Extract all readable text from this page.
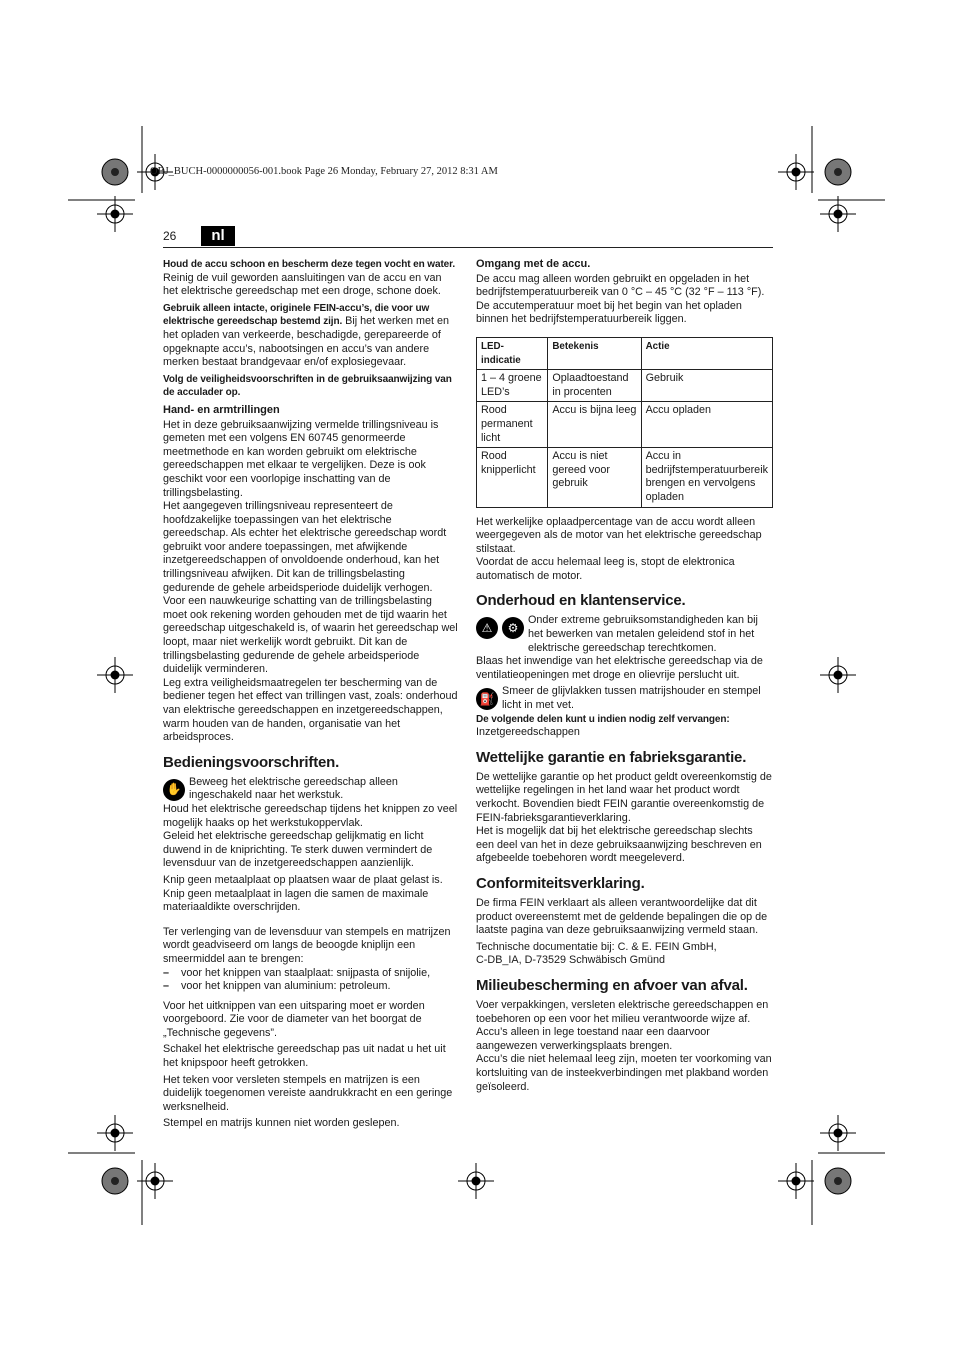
OBJ_BUCH-0000000056-001.book Page 26 Monday, February 27, 2012 8:31 AM
26	nl

Houd de accu schoon en bescherm deze tegen vocht en water. Reinig de vuil geworden aansluitingen van de accu en van het elektrische gereedschap met een droge, schone doek.

Gebruik alleen intacte, originele FEIN-accu’s, die voor uw elektrische gereedschap bestemd zijn. Bij het werken met en het opladen van verkeerde, beschadigde, gerepareerde of opgeknapte accu’s, nabootsingen en accu’s van andere merken bestaat brandgevaar en/of explosiegevaar.

Volg de veiligheidsvoorschriften in de gebruiksaanwijzing van de acculader op.

Hand- en armtrillingen

Het in deze gebruiksaanwijzing vermelde trillingsniveau is gemeten met een volgens EN 60745 genormeerde meetmethode en kan worden gebruikt om elektrische gereedschappen met elkaar te vergelijken. Deze is ook geschikt voor een voorlopige inschatting van de trillingsbelasting.

Het aangegeven trillingsniveau representeert de hoofdzakelijke toepassingen van het elektrische gereedschap. Als echter het elektrische gereedschap wordt gebruikt voor andere toepassingen, met afwijkende inzetgereedschappen of onvoldoende onderhoud, kan het trillingsniveau afwijken. Dit kan de trillingsbelasting gedurende de gehele arbeidsperiode duidelijk verhogen.

Voor een nauwkeurige schatting van de trillingsbelasting moet ook rekening worden gehouden met de tijd waarin het gereedschap uitgeschakeld is, of waarin het gereedschap wel loopt, maar niet werkelijk wordt gebruikt. Dit kan de trillingsbelasting gedurende de gehele arbeidsperiode duidelijk verminderen.

Leg extra veiligheidsmaatregelen ter bescherming van de bediener tegen het effect van trillingen vast, zoals: onderhoud van elektrische gereedschappen en inzetgereedschappen, warm houden van de handen, organisatie van het arbeidsproces.

Bedieningsvoorschriften.
✋
Beweeg het elektrische gereedschap alleen ingeschakeld naar het werkstuk.

Houd het elektrische gereedschap tijdens het knippen zo veel mogelijk haaks op het werkstukoppervlak.

Geleid het elektrische gereedschap gelijkmatig en licht duwend in de kniprichting. Te sterk duwen vermindert de levensduur van de inzetgereedschappen aanzienlijk.

Knip geen metaalplaat op plaatsen waar de plaat gelast is. Knip geen metaalplaat in lagen die samen de maximale materiaaldikte overschrijden.

Ter verlenging van de levensduur van stempels en matrijzen wordt geadviseerd om langs de beoogde kniplijn een smeermiddel aan te brengen:

– voor het knippen van staalplaat: snijpasta of snijolie,
– voor het knippen van aluminium: petroleum.

Voor het uitknippen van een uitsparing moet er worden voorgeboord. Zie voor de diameter van het boorgat de „Technische gegevens”.

Schakel het elektrische gereedschap pas uit nadat u het uit het knipspoor heeft getrokken.

Het teken voor versleten stempels en matrijzen is een duidelijk toegenomen vereiste aandrukkracht en een geringe werksnelheid.

Stempel en matrijs kunnen niet worden geslepen.

Omgang met de accu.

De accu mag alleen worden gebruikt en opgeladen in het bedrijfstemperatuurbereik van 0 °C – 45 °C (32 °F – 113 °F). De accutemperatuur moet bij het begin van het opladen binnen het bedrijfstemperatuurbereik liggen.

LED-indicatie	Betekenis	Actie
1 – 4 groene LED’s	Oplaadtoestand in procenten	Gebruik
Rood permanent licht	Accu is bijna leeg	Accu opladen
Rood knipperlicht	Accu is niet gereed voor gebruik	Accu in bedrijfstemperatuurbereik brengen en vervolgens opladen

Het werkelijke oplaadpercentage van de accu wordt alleen weergegeven als de motor van het elektrische gereedschap stilstaat.

Voordat de accu helemaal leeg is, stopt de elektronica automatisch de motor.

Onderhoud en klantenservice.
⚠	⚙
Onder extreme gebruiksomstandigheden kan bij het bewerken van metalen geleidend stof in het elektrische gereedschap terechtkomen.

Blaas het inwendige van het elektrische gereedschap via de ventilatieopeningen met droge en olievrije perslucht uit.

⛽
Smeer de glijvlakken tussen matrijshouder en stempel licht in met vet.

De volgende delen kunt u indien nodig zelf vervangen:

Inzetgereedschappen

Wettelijke garantie en fabrieksgarantie.

De wettelijke garantie op het product geldt overeenkomstig de wettelijke regelingen in het land waar het product wordt verkocht. Bovendien biedt FEIN garantie overeenkomstig de FEIN-fabrieksgarantieverklaring.

Het is mogelijk dat bij het elektrische gereedschap slechts een deel van het in deze gebruiksaanwijzing beschreven en afgebeelde toebehoren wordt meegeleverd.

Conformiteitsverklaring.

De firma FEIN verklaart als alleen verantwoordelijke dat dit product overeenstemt met de geldende bepalingen die op de laatste pagina van deze gebruiksaanwijzing vermeld staan.

Technische documentatie bij: C. & E. FEIN GmbH,
C-DB_IA, D-73529 Schwäbisch Gmünd

Milieubescherming en afvoer van afval.

Voer verpakkingen, versleten elektrische gereedschappen en toebehoren op een voor het milieu verantwoorde wijze af.

Accu’s alleen in lege toestand naar een daarvoor aangewezen verwerkingsplaats brengen.

Accu’s die niet helemaal leeg zijn, moeten ter voorkoming van kortsluiting van de insteekverbindingen met plakband worden geïsoleerd.
